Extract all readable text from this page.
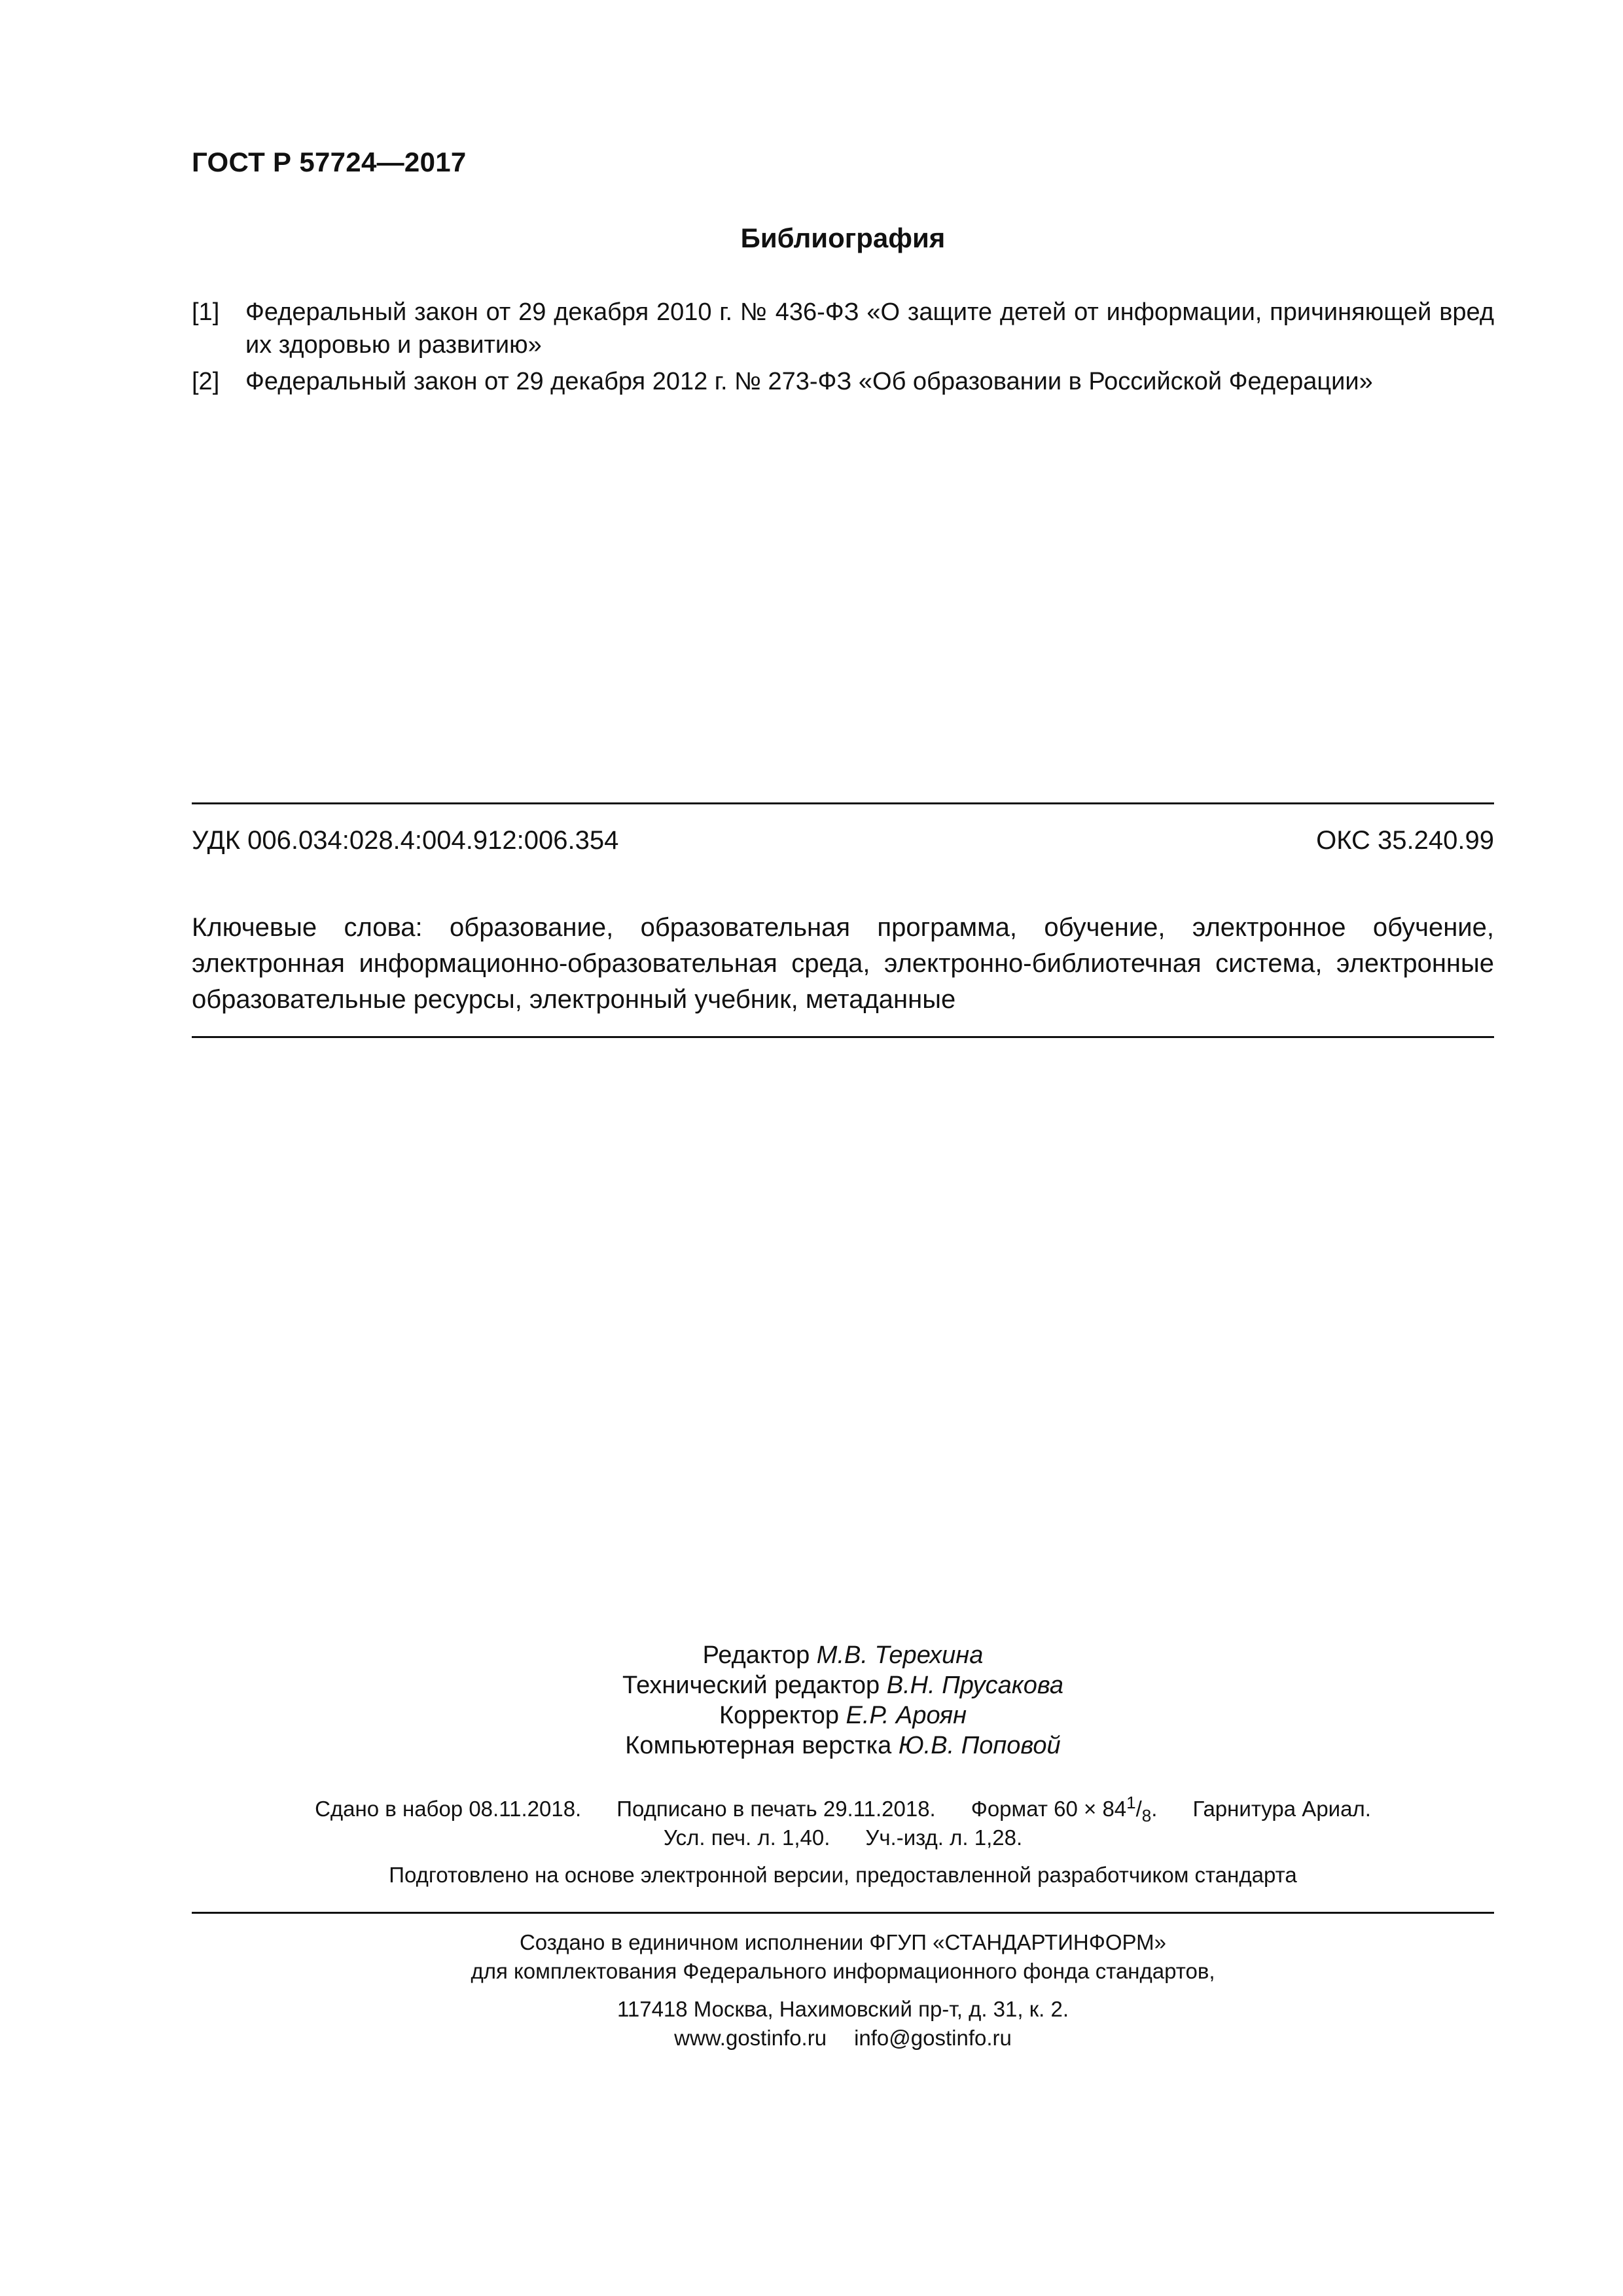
ГОСТ Р 57724—2017
Библиография
[1]	Федеральный закон от 29 декабря 2010 г. № 436-ФЗ «О защите детей от информации, причиняющей вред их здоровью и развитию»
[2]	Федеральный закон от 29 декабря 2012 г. № 273-ФЗ «Об образовании в Российской Федерации»
УДК 006.034:028.4:004.912:006.354	ОКС 35.240.99
Ключевые слова: образование, образовательная программа, обучение, электронное обучение, электронная информационно-образовательная среда, электронно-библиотечная система, электронные образовательные ресурсы, электронный учебник, метаданные
Редактор М.В. Терехина
Технический редактор В.Н. Прусакова
Корректор Е.Р. Ароян
Компьютерная верстка Ю.В. Поповой
Сдано в набор 08.11.2018. Подписано в печать 29.11.2018. Формат $60 \times 84^1/_8$. Гарнитура Ариал.
Усл. печ. л. 1,40. Уч.-изд. л. 1,28.
Подготовлено на основе электронной версии, предоставленной разработчиком стандарта
Создано в единичном исполнении ФГУП «СТАНДАРТИНФОРМ»
для комплектования Федерального информационного фонда стандартов,
117418 Москва, Нахимовский пр-т, д. 31, к. 2.
www.gostinfo.ru info@gostinfo.ru
